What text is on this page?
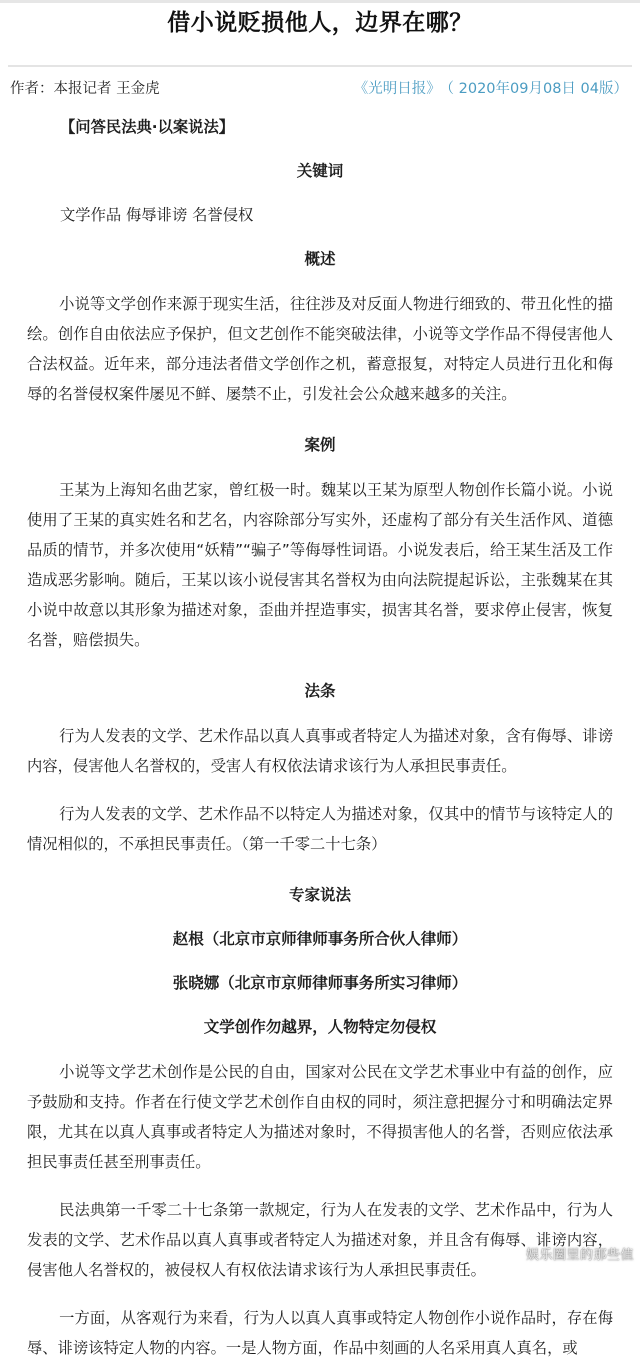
借小说贬损他人，边界在哪？
作者：本报记者 王金虎	《光明日报》 （ 2020年09月08日 04版）
【问答民法典·以案说法】
关键词
文学作品 侮辱诽谤 名誉侵权
概述

小说等文学创作来源于现实生活，往往涉及对反面人物进行细致的、带丑化性的描绘。创作自由依法应予保护，但文艺创作不能突破法律，小说等文学作品不得侵害他人合法权益。近年来，部分违法者借文学创作之机，蓄意报复，对特定人员进行丑化和侮辱的名誉侵权案件屡见不鲜、屡禁不止，引发社会公众越来越多的关注。

案例

王某为上海知名曲艺家，曾红极一时。魏某以王某为原型人物创作长篇小说。小说使用了王某的真实姓名和艺名，内容除部分写实外，还虚构了部分有关生活作风、道德品质的情节，并多次使用“妖精”“骗子”等侮辱性词语。小说发表后，给王某生活及工作造成恶劣影响。随后，王某以该小说侵害其名誉权为由向法院提起诉讼，主张魏某在其小说中故意以其形象为描述对象，歪曲并捏造事实，损害其名誉，要求停止侵害，恢复名誉，赔偿损失。

法条

行为人发表的文学、艺术作品以真人真事或者特定人为描述对象，含有侮辱、诽谤内容，侵害他人名誉权的，受害人有权依法请求该行为人承担民事责任。

行为人发表的文学、艺术作品不以特定人为描述对象，仅其中的情节与该特定人的情况相似的，不承担民事责任。（第一千零二十七条）

专家说法
赵根（北京市京师律师事务所合伙人律师）
张晓娜（北京市京师律师事务所实习律师）
文学创作勿越界，人物特定勿侵权

小说等文学艺术创作是公民的自由，国家对公民在文学艺术事业中有益的创作，应予鼓励和支持。作者在行使文学艺术创作自由权的同时，须注意把握分寸和明确法定界限，尤其在以真人真事或者特定人为描述对象时，不得损害他人的名誉，否则应依法承担民事责任甚至刑事责任。

民法典第一千零二十七条第一款规定，行为人在发表的文学、艺术作品中，行为人发表的文学、艺术作品以真人真事或者特定人为描述对象，并且含有侮辱、诽谤内容，侵害他人名誉权的，被侵权人有权依法请求该行为人承担民事责任。

一方面，从客观行为来看，行为人以真人真事或特定人物创作小说作品时，存在侮辱、诽谤该特定人物的内容。一是人物方面，作品中刻画的人名采用真人真名，或

娱乐圈里的那些值
